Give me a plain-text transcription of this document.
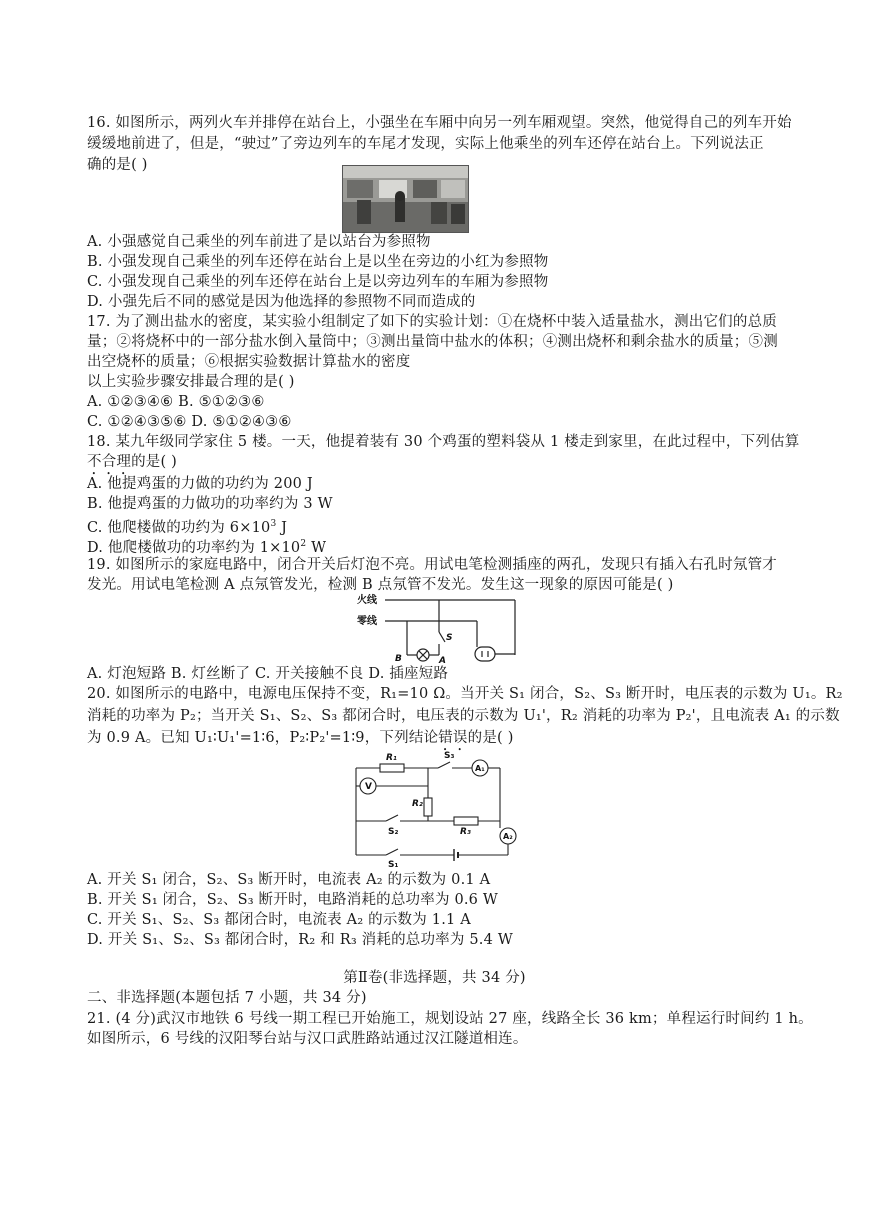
16. 如图所示，两列火车并排停在站台上，小强坐在车厢中向另一列车厢观望。突然，他觉得自己的列车开始
缓缓地前进了，但是，“驶过”了旁边列车的车尾才发现，实际上他乘坐的列车还停在站台上。下列说法正
确的是( )
A. 小强感觉自己乘坐的列车前进了是以站台为参照物
B. 小强发现自己乘坐的列车还停在站台上是以坐在旁边的小红为参照物
C. 小强发现自己乘坐的列车还停在站台上是以旁边列车的车厢为参照物
D. 小强先后不同的感觉是因为他选择的参照物不同而造成的
17. 为了测出盐水的密度，某实验小组制定了如下的实验计划：①在烧杯中装入适量盐水，测出它们的总质
量；②将烧杯中的一部分盐水倒入量筒中；③测出量筒中盐水的体积；④测出烧杯和剩余盐水的质量；⑤测
出空烧杯的质量；⑥根据实验数据计算盐水的密度
以上实验步骤安排最合理的是( )
A. ①②③④⑥ B. ⑤①②③⑥
C. ①②④③⑤⑥ D. ⑤①②④③⑥
18. 某九年级同学家住 5 楼。一天，他提着装有 30 个鸡蛋的塑料袋从 1 楼走到家里，在此过程中，下列估算
不合理的是( )
A. 他提鸡蛋的力做的功约为 200 J
B. 他提鸡蛋的力做功的功率约为 3 W
C. 他爬楼做的功约为 $6\times 10^3$ J
D. 他爬楼做功的功率约为 $1\times 10^2$ W
19. 如图所示的家庭电路中，闭合开关后灯泡不亮。用试电笔检测插座的两孔，发现只有插入右孔时氖管才
发光。用试电笔检测 A 点氖管发光，检测 B 点氖管不发光。发生这一现象的原因可能是( )
火线
零线
S
A
B
A. 灯泡短路 B. 灯丝断了 C. 开关接触不良 D. 插座短路
20. 如图所示的电路中，电源电压保持不变，R₁=10 Ω。当开关 S₁ 闭合，S₂、S₃ 断开时，电压表的示数为 U₁。R₂
消耗的功率为 P₂；当开关 S₁、S₂、S₃ 都闭合时，电压表的示数为 U₁'，R₂ 消耗的功率为 P₂'，且电流表 A₁ 的示数
为 0.9 A。已知 U₁∶U₁'=1∶6，P₂∶P₂'=1∶9，下列结论错误的是( )
R₁	S₃
A₁
V
R₂
S₂	R₃	A₂
S₁
A. 开关 S₁ 闭合，S₂、S₃ 断开时，电流表 A₂ 的示数为 0.1 A
B. 开关 S₁ 闭合，S₂、S₃ 断开时，电路消耗的总功率为 0.6 W
C. 开关 S₁、S₂、S₃ 都闭合时，电流表 A₂ 的示数为 1.1 A
D. 开关 S₁、S₂、S₃ 都闭合时，R₂ 和 R₃ 消耗的总功率为 5.4 W
第Ⅱ卷(非选择题，共 34 分)
二、非选择题(本题包括 7 小题，共 34 分)
21. (4 分)武汉市地铁 6 号线一期工程已开始施工，规划设站 27 座，线路全长 36 km；单程运行时间约 1 h。
如图所示，6 号线的汉阳琴台站与汉口武胜路站通过汉江隧道相连。
